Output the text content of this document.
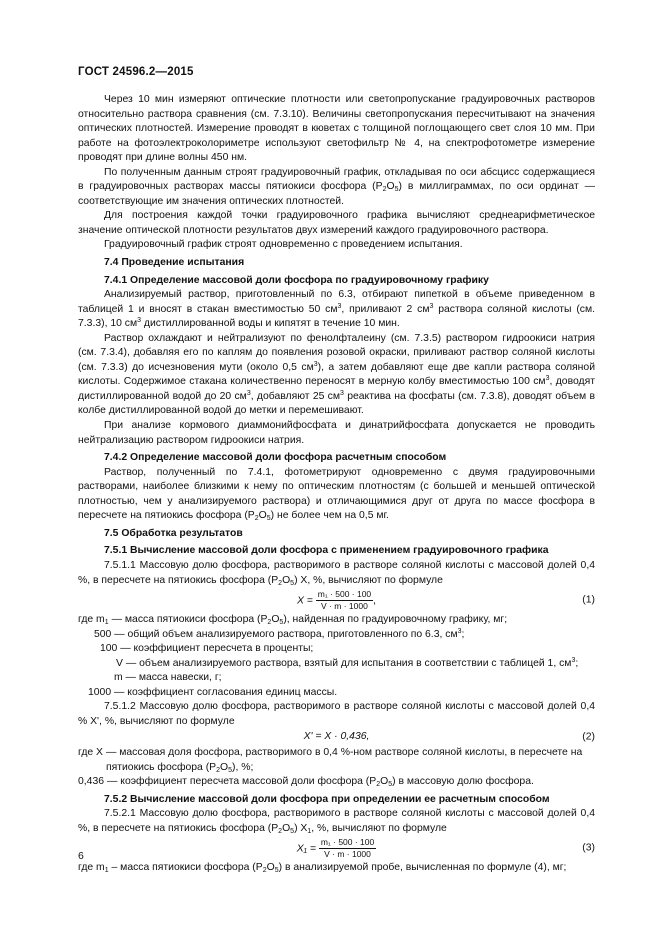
ГОСТ 24596.2—2015

Через 10 мин измеряют оптические плотности или светопропускание градуировочных растворов относительно раствора сравнения (см. 7.3.10). Величины светопропускания пересчитывают на значения оптических плотностей. Измерение проводят в кюветах с толщиной поглощающего свет слоя 10 мм. При работе на фотоэлектроколориметре используют светофильтр № 4, на спектрофотометре измерение проводят при длине волны 450 нм.

По полученным данным строят градуировочный график, откладывая по оси абсцисс содержащиеся в градуировочных растворах массы пятиокиси фосфора $(P_2O_5)$ в миллиграммах, по оси ординат — соответствующие им значения оптических плотностей.

Для построения каждой точки градуировочного графика вычисляют среднеарифметическое значение оптической плотности результатов двух измерений каждого градуировочного раствора.

Градуировочный график строят одновременно с проведением испытания.

7.4 Проведение испытания

7.4.1 Определение массовой доли фосфора по градуировочному графику

Анализируемый раствор, приготовленный по 6.3, отбирают пипеткой в объеме приведенном в таблицей 1 и вносят в стакан вместимостью 50 $см^3$, приливают 2 $см^3$ раствора соляной кислоты (см. 7.3.3), 10 $см^3$ дистиллированной воды и кипятят в течение 10 мин.

Раствор охлаждают и нейтрализуют по фенолфталеину (см. 7.3.5) раствором гидроокиси натрия (см. 7.3.4), добавляя его по каплям до появления розовой окраски, приливают раствор соляной кислоты (см. 7.3.3) до исчезновения мути (около 0,5 $см^3$), а затем добавляют еще две капли раствора соляной кислоты. Содержимое стакана количественно переносят в мерную колбу вместимостью 100 $см^3$, доводят дистиллированной водой до 20 $см^3$, добавляют 25 $см^3$ реактива на фосфаты (см. 7.3.8), доводят объем в колбе дистиллированной водой до метки и перемешивают.

При анализе кормового диаммонийфосфата и динатрийфосфата допускается не проводить нейтрализацию раствором гидроокиси натрия.

7.4.2 Определение массовой доли фосфора расчетным способом

Раствор, полученный по 7.4.1, фотометрируют одновременно с двумя градуировочными растворами, наиболее близкими к нему по оптическим плотностям (с большей и меньшей оптической плотностью, чем у анализируемого раствора) и отличающимися друг от друга по массе фосфора в пересчете на пятиокись фосфора $(P_2O_5)$ не более чем на 0,5 мг.

7.5 Обработка результатов

7.5.1 Вычисление массовой доли фосфора с применением градуировочного графика

7.5.1.1 Массовую долю фосфора, растворимого в растворе соляной кислоты с массовой долей 0,4 %, в пересчете на пятиокись фосфора $(P_2O_5)$ X, %, вычисляют по формуле

$X = \frac{\text{m₁ · 500 · 100}}{V \cdot m \cdot 1000}$ ,	(1)
где $m_1$ — масса пятиокиси фосфора $(P_2O_5)$, найденная по градуировочному графику, мг;
500 — общий объем анализируемого раствора, приготовленного по 6.3, $см^3$;
100 — коэффициент пересчета в проценты;
V — объем анализируемого раствора, взятый для испытания в соответствии с таблицей 1, $см^3$;
m — масса навески, г;
1000 — коэффициент согласования единиц массы.

7.5.1.2 Массовую долю фосфора, растворимого в растворе соляной кислоты с массовой долей 0,4 % X', %, вычисляют по формуле

X' = X · 0,436,	(2)
где X — массовая доля фосфора, растворимого в 0,4 %-ном растворе соляной кислоты, в пересчете на пятиокись фосфора $(P_2O_5)$, %;
0,436 — коэффициент пересчета массовой доли фосфора $(P_2O_5)$ в массовую долю фосфора.

7.5.2 Вычисление массовой доли фосфора при определении ее расчетным способом

7.5.2.1 Массовую долю фосфора, растворимого в растворе соляной кислоты с массовой долей 0,4 %, в пересчете на пятиокись фосфора $(P_2O_5)$ $X_1$, %, вычисляют по формуле

$X_1 = \frac{\text{m₁ · 500 · 100}}{V \cdot m \cdot 1000}$	(3)

где $m_1$ – масса пятиокиси фосфора $(P_2O_5)$ в анализируемой пробе, вычисленная по формуле (4), мг;

6
